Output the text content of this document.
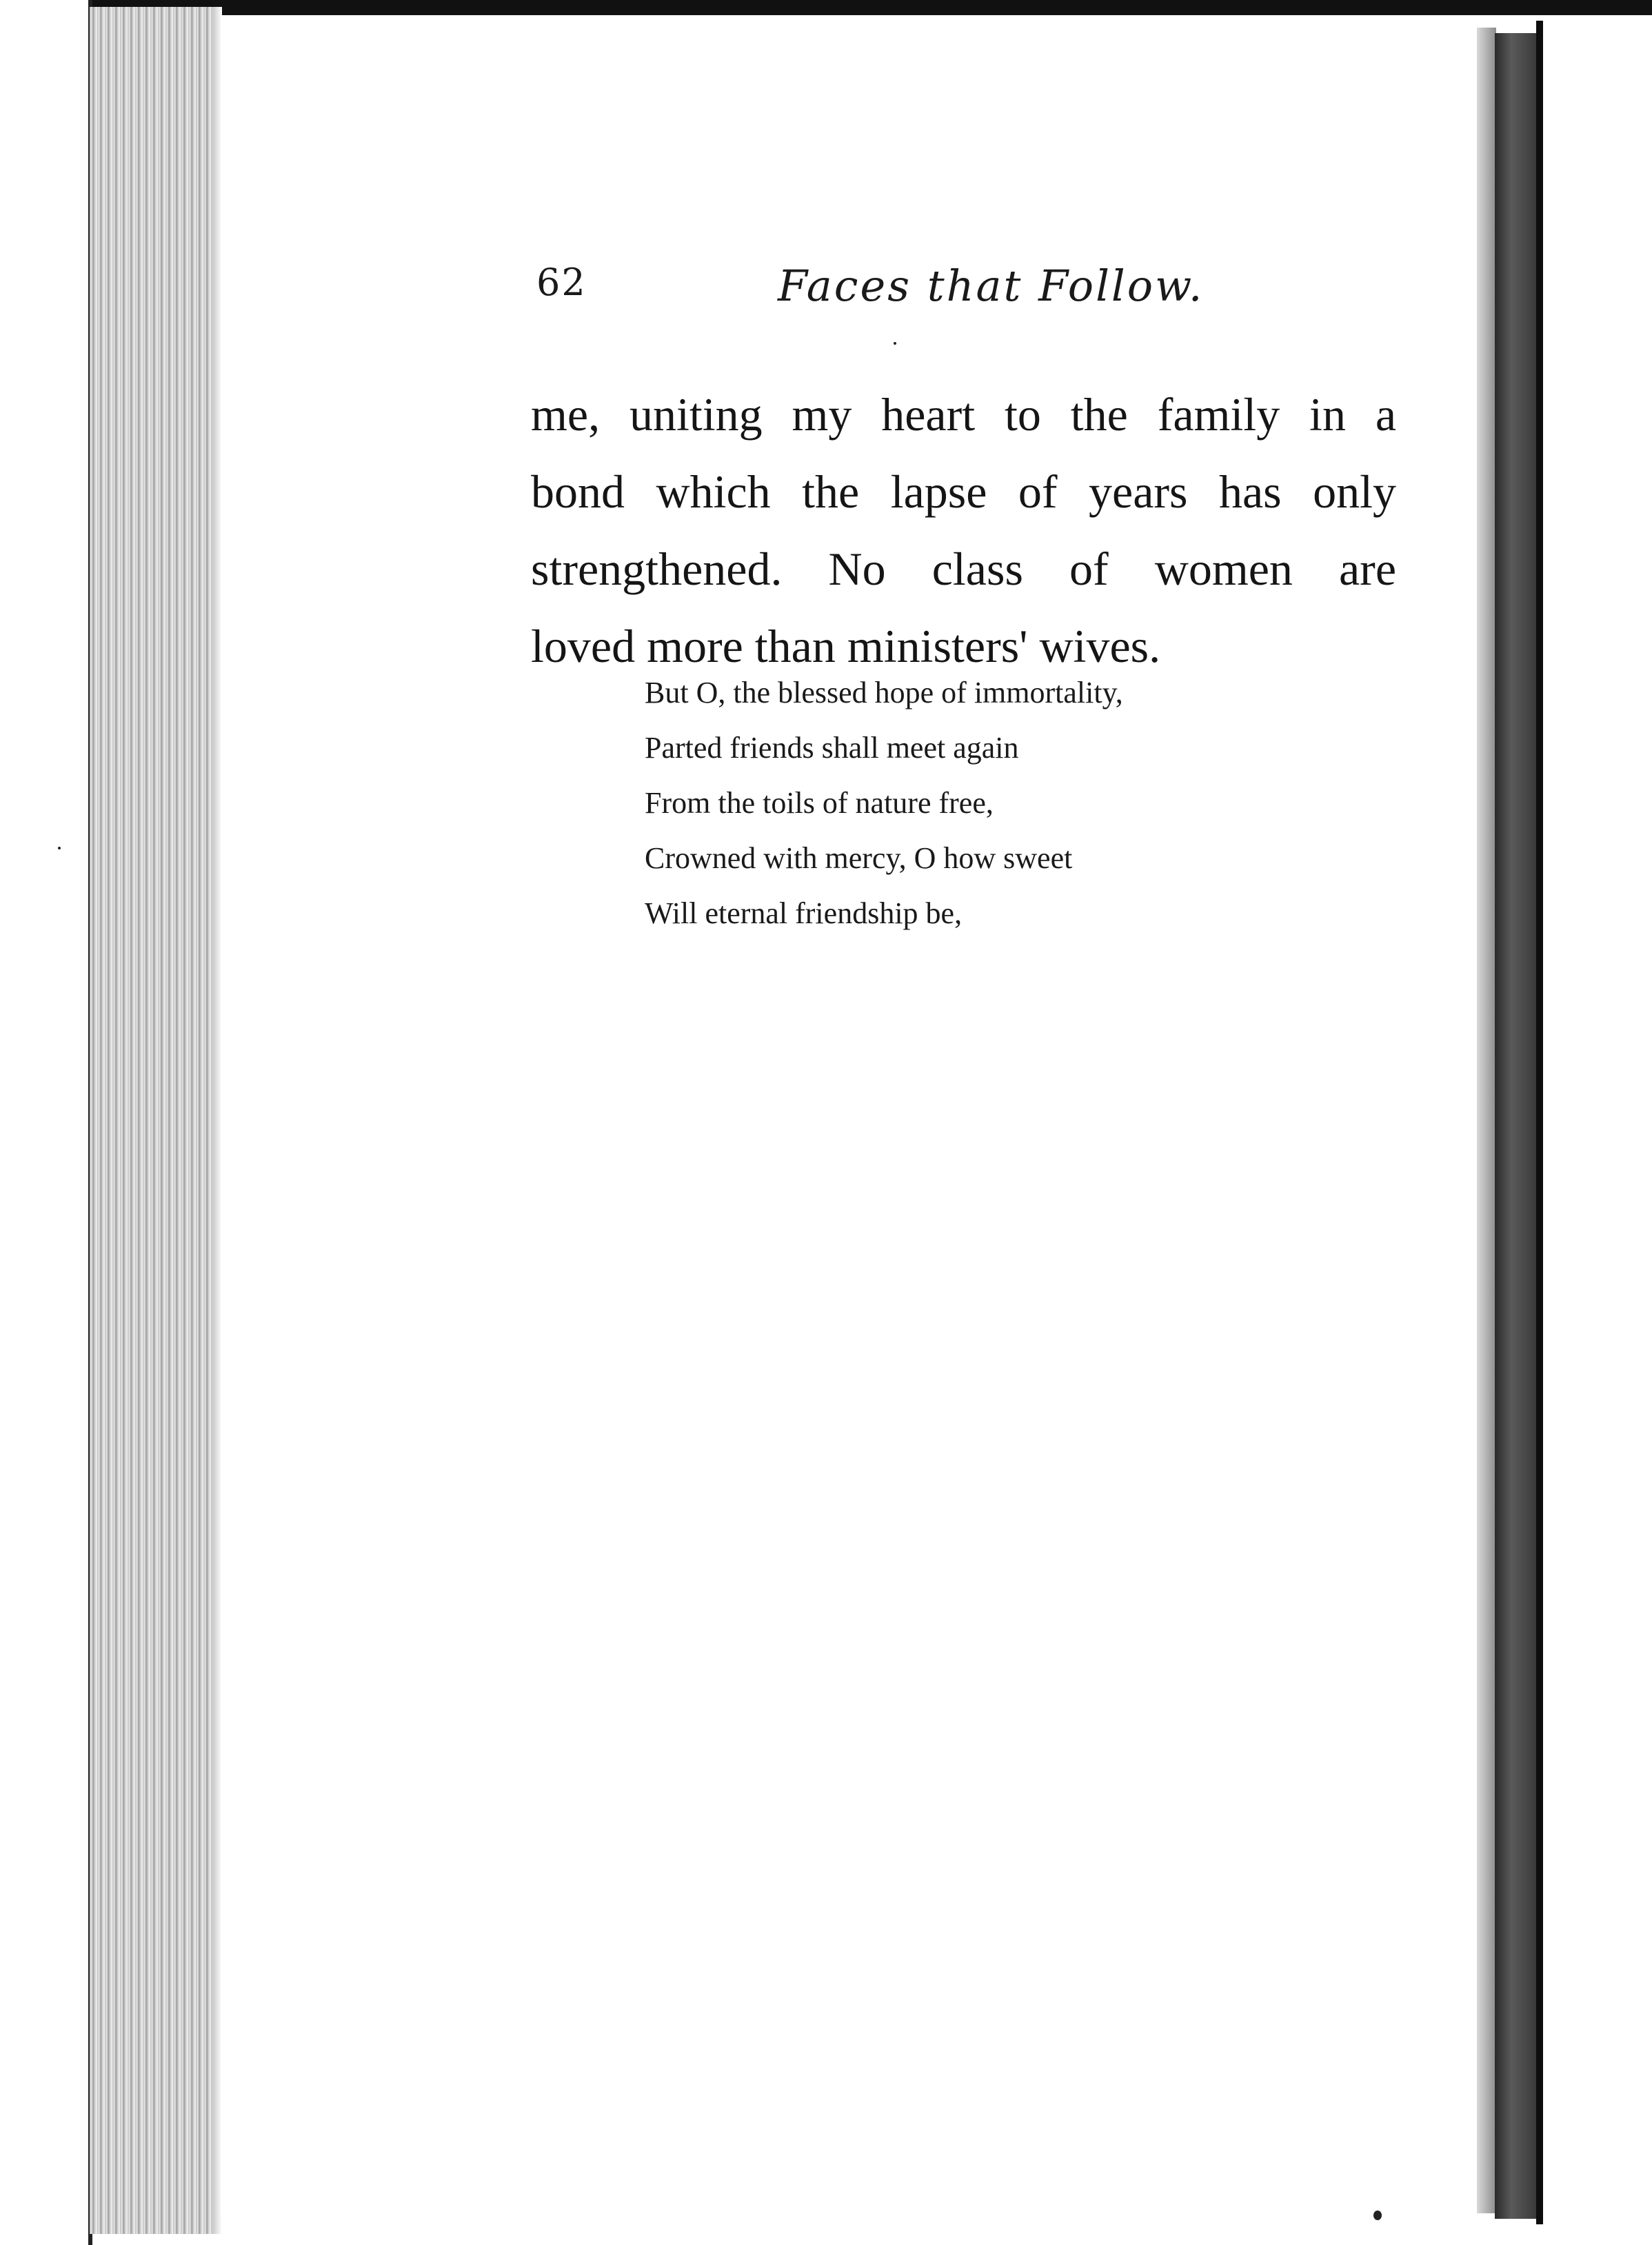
62	Faces that Follow.
me, uniting my heart to the family in a
bond which the lapse of years has only
strengthened. No class of women are
loved more than ministers' wives.
But O, the blessed hope of immortality,
Parted friends shall meet again
From the toils of nature free,
Crowned with mercy, O how sweet
Will eternal friendship be,
